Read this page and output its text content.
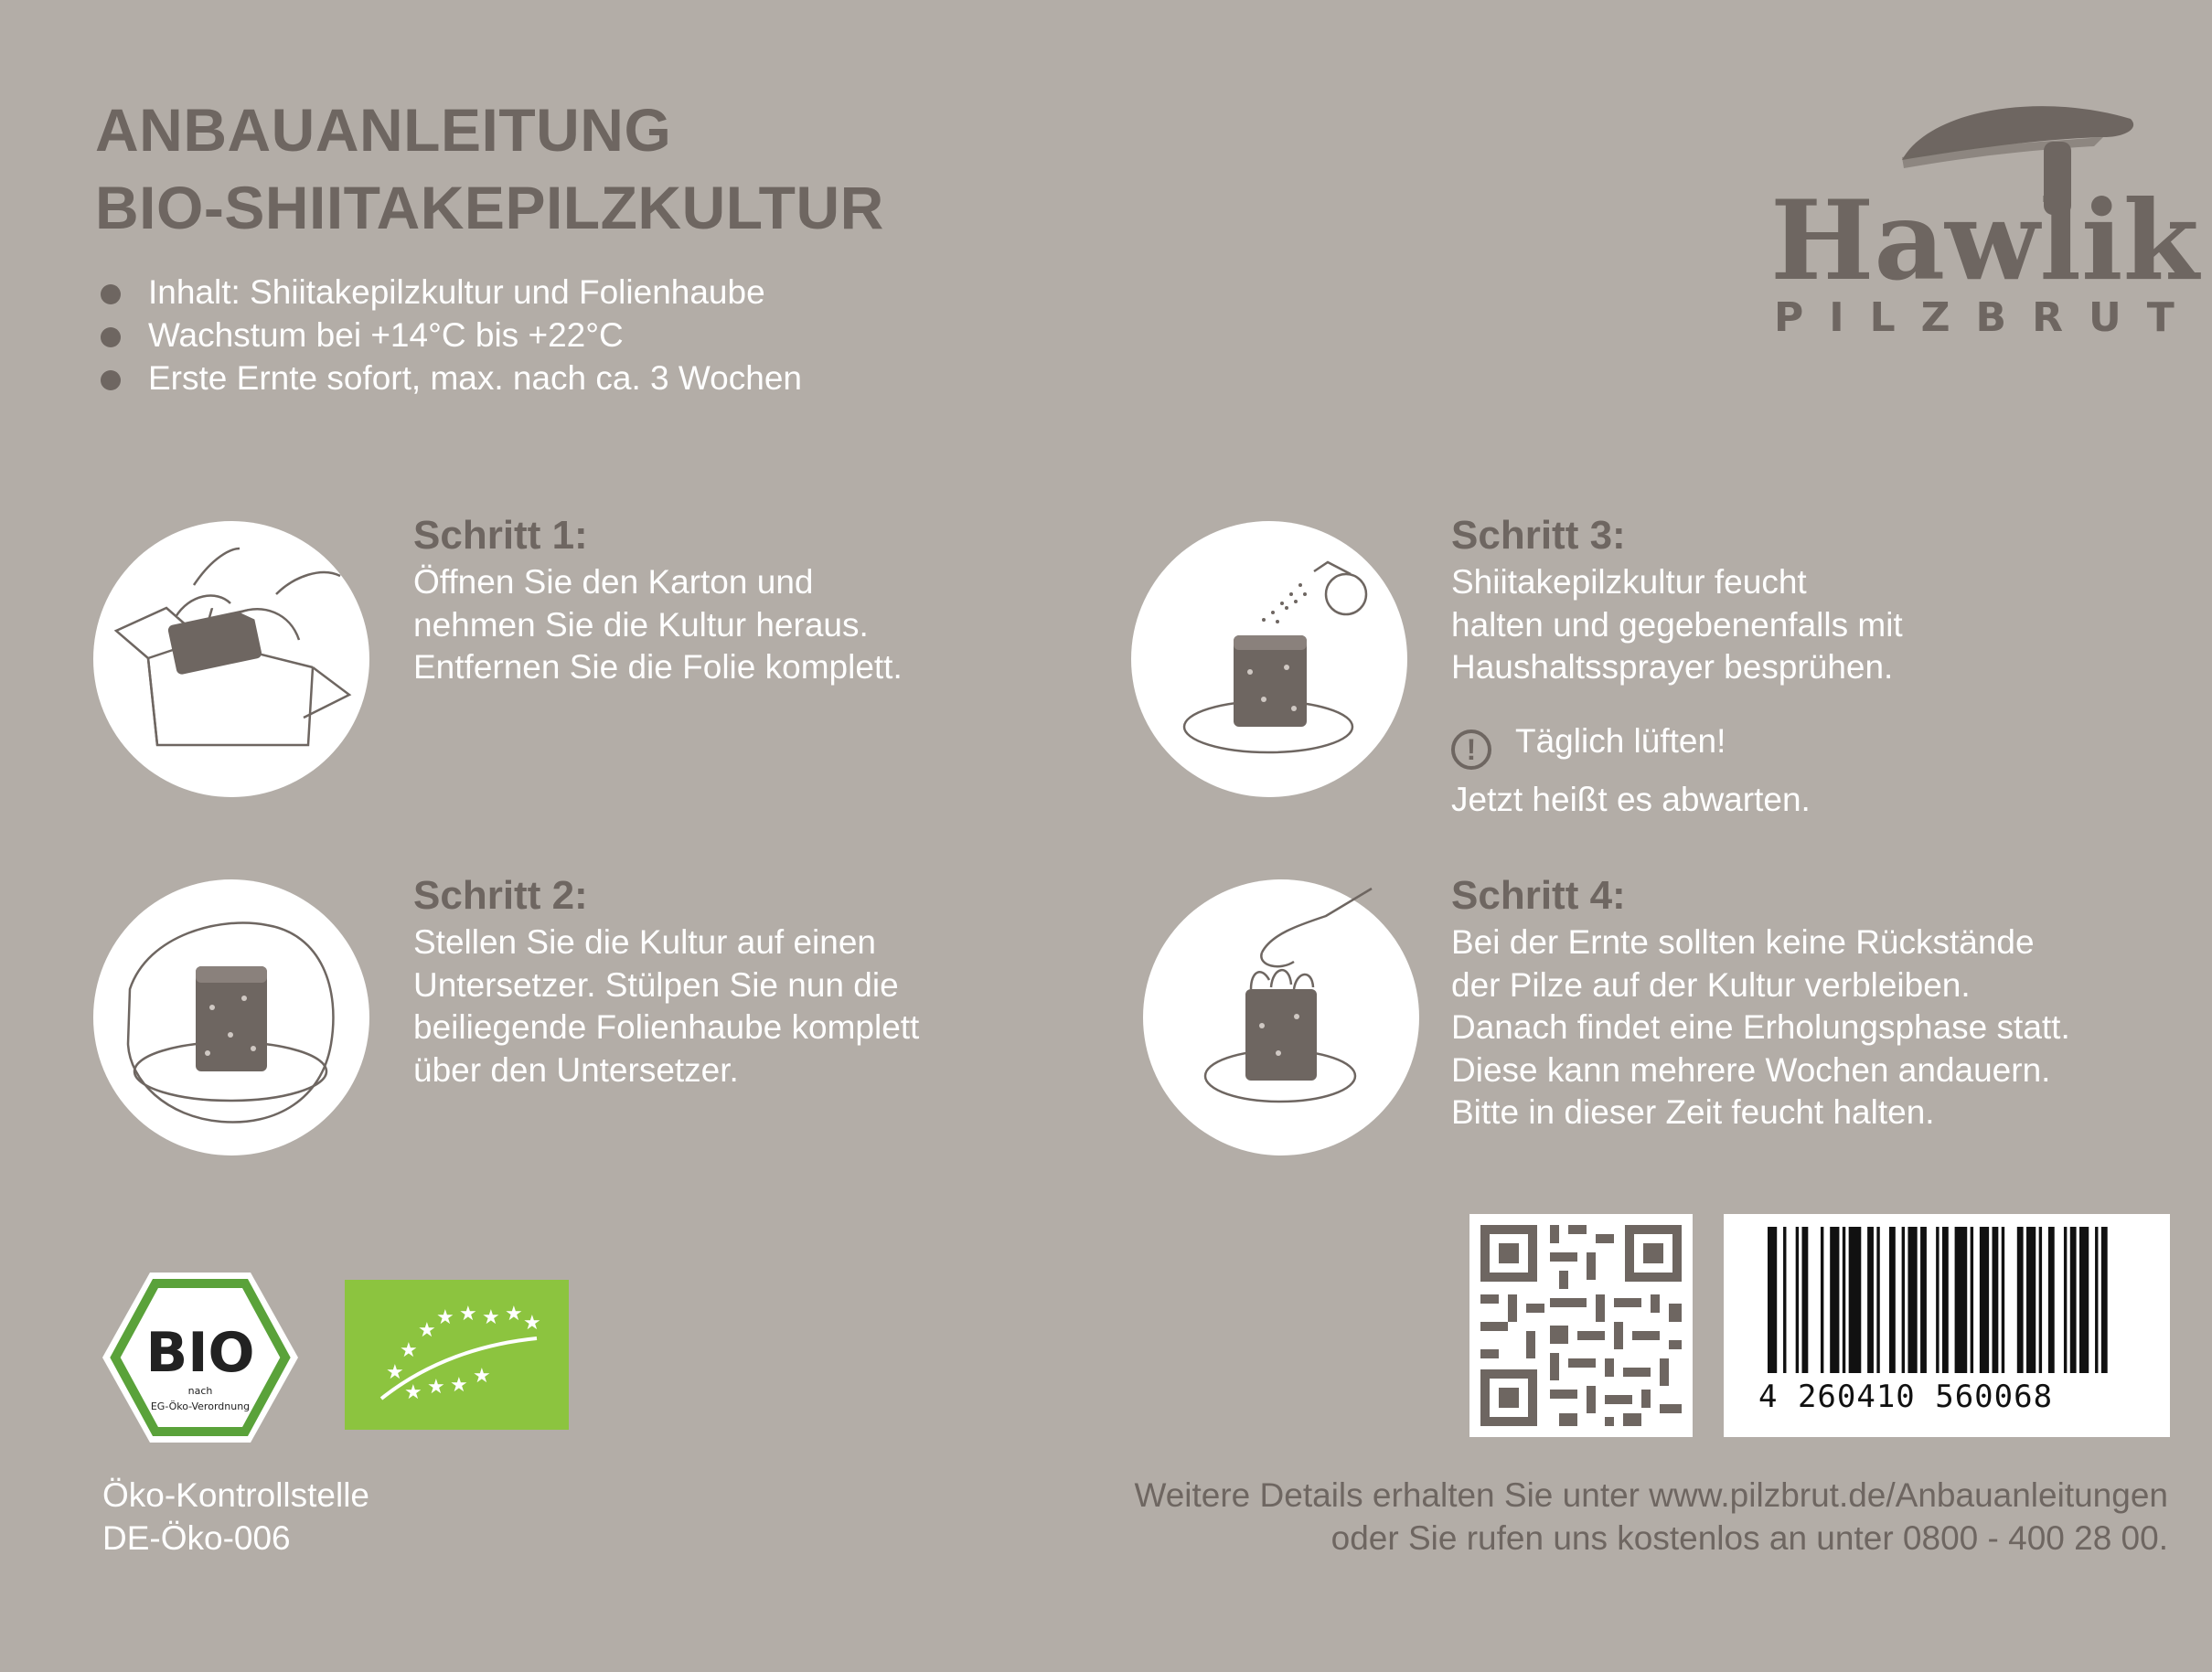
ANBAUANLEITUNG
BIO-SHIITAKEPILZKULTUR
Inhalt: Shiitakepilzkultur und Folienhaube
Wachstum bei +14°C bis +22°C
Erste Ernte sofort, max. nach ca. 3 Wochen
Hawlik
PILZBRUT
Schritt 1:
Öffnen Sie den Karton und
nehmen Sie die Kultur heraus.
Entfernen Sie die Folie komplett.
Schritt 2:
Stellen Sie die Kultur auf einen
Untersetzer. Stülpen Sie nun die
beiliegende Folienhaube komplett
über den Untersetzer.
Schritt 3:
Shiitakepilzkultur feucht
halten und gegebenenfalls mit
Haushaltssprayer besprühen.
! Täglich lüften!
Jetzt heißt es abwarten.
Schritt 4:
Bei der Ernte sollten keine Rückstände
der Pilze auf der Kultur verbleiben.
Danach findet eine Erholungsphase statt.
Diese kann mehrere Wochen andauern.
Bitte in dieser Zeit feucht halten.
BIO
nach
EG-Öko-Verordnung
★ ★ ★ ★ ★
★
★
★
★ ★ ★ ★
4 260410 560068
Öko-Kontrollstelle
DE-Öko-006
Weitere Details erhalten Sie unter www.pilzbrut.de/Anbauanleitungen
oder Sie rufen uns kostenlos an unter 0800 - 400 28 00.
